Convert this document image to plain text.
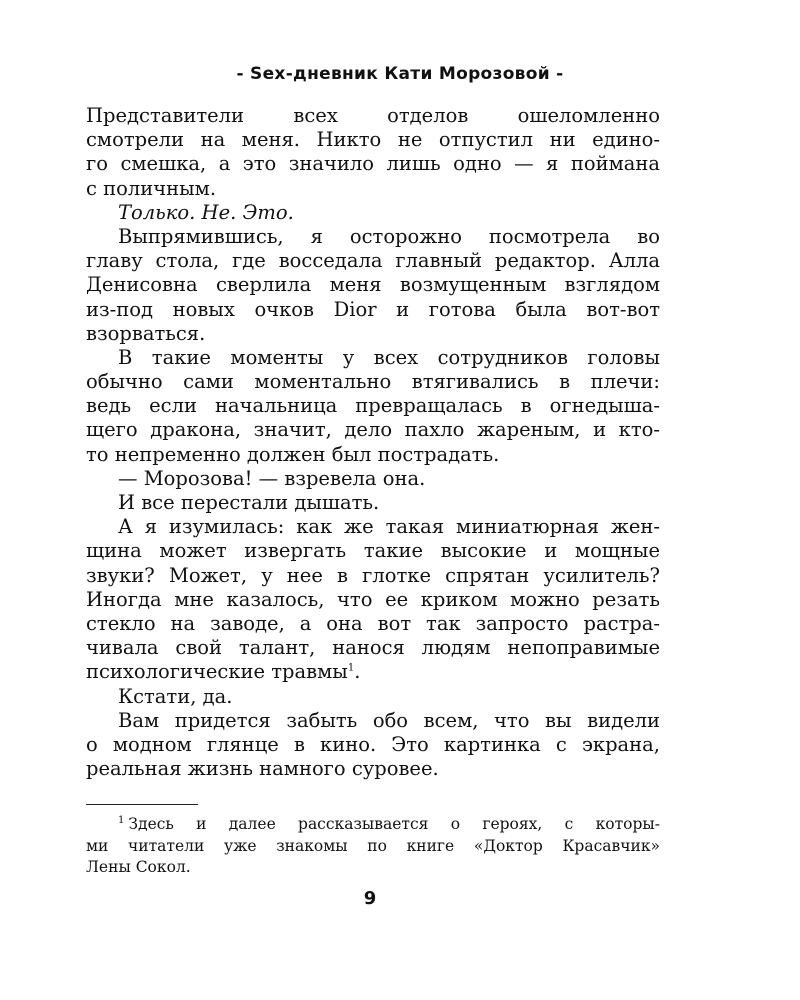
- Sex-дневник Кати Морозовой -
Представители всех отделов ошеломленно
смотрели на меня. Никто не отпустил ни едино-
го смешка, а это значило лишь одно — я поймана
с поличным.
Только. Не. Это.
Выпрямившись, я осторожно посмотрела во
главу стола, где восседала главный редактор. Алла
Денисовна сверлила меня возмущенным взглядом
из-под новых очков Dior и готова была вот-вот
взорваться.
В такие моменты у всех сотрудников головы
обычно сами моментально втягивались в плечи:
ведь если начальница превращалась в огнедыша-
щего дракона, значит, дело пахло жареным, и кто-
то непременно должен был пострадать.
— Морозова! — взревела она.
И все перестали дышать.
А я изумилась: как же такая миниатюрная жен-
щина может извергать такие высокие и мощные
звуки? Может, у нее в глотке спрятан усилитель?
Иногда мне казалось, что ее криком можно резать
стекло на заводе, а она вот так запросто растра-
чивала свой талант, нанося людям непоправимые
психологические травмы$^1$.
Кстати, да.
Вам придется забыть обо всем, что вы видели
о модном глянце в кино. Это картинка с экрана,
реальная жизнь намного суровее.
$^1$ Здесь и далее рассказывается о героях, с которы-
ми читатели уже знакомы по книге «Доктор Красавчик»
Лены Сокол.
9
